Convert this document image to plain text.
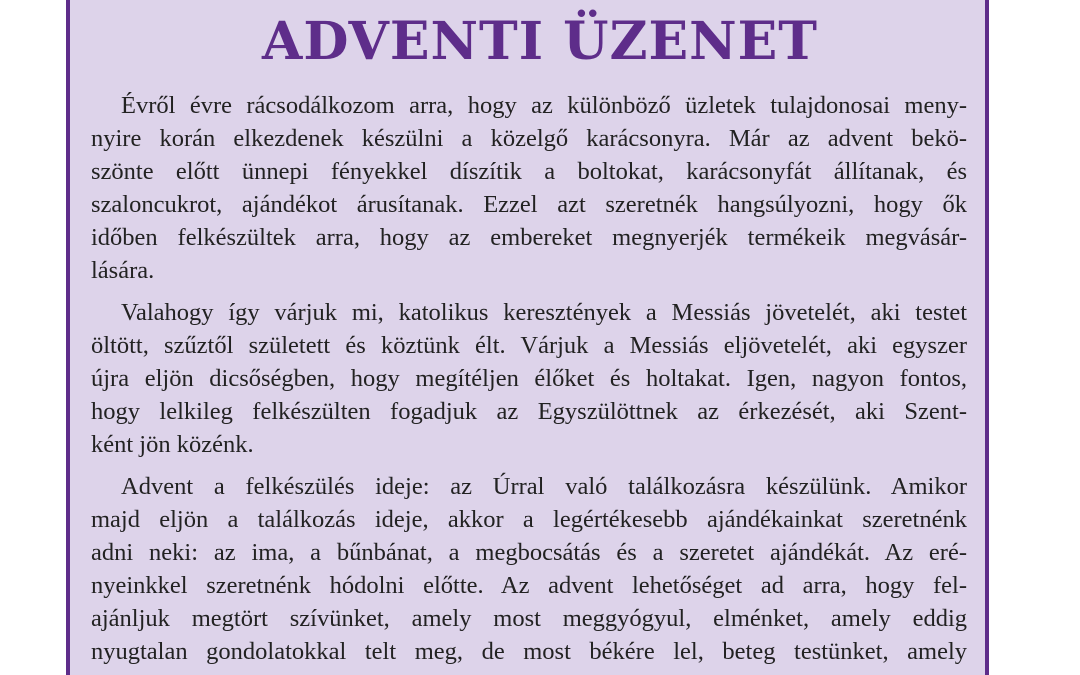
ADVENTI ÜZENET
Évről évre rácsodálkozom arra, hogy az különböző üzletek tulajdonosai meny-
nyire korán elkezdenek készülni a közelgő karácsonyra. Már az advent bekö-
szönte előtt ünnepi fényekkel díszítik a boltokat, karácsonyfát állítanak, és
szaloncukrot, ajándékot árusítanak. Ezzel azt szeretnék hangsúlyozni, hogy ők
időben felkészültek arra, hogy az embereket megnyerjék termékeik megvásár-
lására.
Valahogy így várjuk mi, katolikus keresztények a Messiás jövetelét, aki testet
öltött, szűztől született és köztünk élt. Várjuk a Messiás eljövetelét, aki egyszer
újra eljön dicsőségben, hogy megítéljen élőket és holtakat. Igen, nagyon fontos,
hogy lelkileg felkészülten fogadjuk az Egyszülöttnek az érkezését, aki Szent-
ként jön közénk.
Advent a felkészülés ideje: az Úrral való találkozásra készülünk. Amikor
majd eljön a találkozás ideje, akkor a legértékesebb ajándékainkat szeretnénk
adni neki: az ima, a bűnbánat, a megbocsátás és a szeretet ajándékát. Az eré-
nyeinkkel szeretnénk hódolni előtte. Az advent lehetőséget ad arra, hogy fel-
ajánljuk megtört szívünket, amely most meggyógyul, elménket, amely eddig
nyugtalan gondolatokkal telt meg, de most békére lel, beteg testünket, amely
